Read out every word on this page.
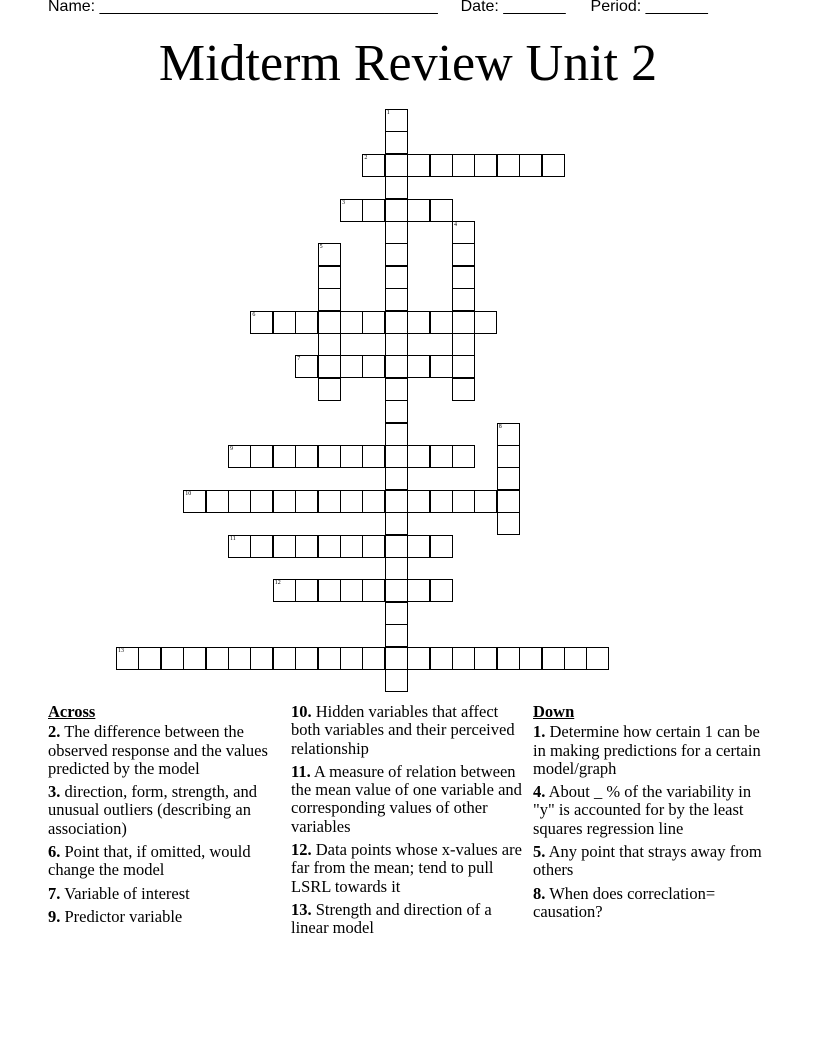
Name: ______________________________________ Date: _______ Period: _______
Midterm Review Unit 2
1
2
3
4
5
6
7
8
9
10
11
12
13
Across
2. The difference between the observed response and the values predicted by the model
3. direction, form, strength, and unusual outliers (describing an association)
6. Point that, if omitted, would change the model
7. Variable of interest
9. Predictor variable
10. Hidden variables that affect both variables and their perceived relationship
11. A measure of relation between the mean value of one variable and corresponding values of other variables
12. Data points whose x-values are far from the mean; tend to pull LSRL towards it
13. Strength and direction of a linear model
Down
1. Determine how certain 1 can be in making predictions for a certain model/graph
4. About _ % of the variability in "y" is accounted for by the least squares regression line
5. Any point that strays away from others
8. When does correclation= causation?
